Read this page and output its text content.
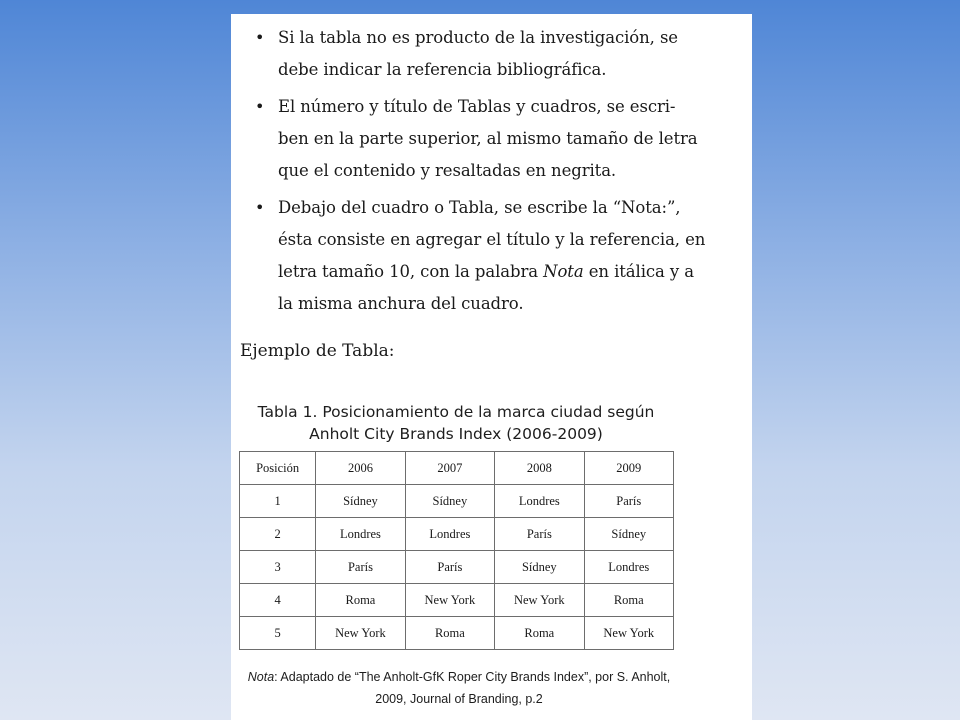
• Si la tabla no es producto de la investigación, se
debe indicar la referencia bibliográfica.
• El número y título de Tablas y cuadros, se escri-
ben en la parte superior, al mismo tamaño de letra
que el contenido y resaltadas en negrita.
• Debajo del cuadro o Tabla, se escribe la “Nota:”,
ésta consiste en agregar el título y la referencia, en
letra tamaño 10, con la palabra Nota en itálica y a
la misma anchura del cuadro.
Ejemplo de Tabla:
Tabla 1. Posicionamiento de la marca ciudad según
Anholt City Brands Index (2006-2009)
Posición	2006	2007	2008	2009
1	Sídney	Sídney	Londres	París
2	Londres	Londres	París	Sídney
3	París	París	Sídney	Londres
4	Roma	New York	New York	Roma
5	New York	Roma	Roma	New York
Nota: Adaptado de “The Anholt-GfK Roper City Brands Index”, por S. Anholt,
2009, Journal of Branding, p.2
